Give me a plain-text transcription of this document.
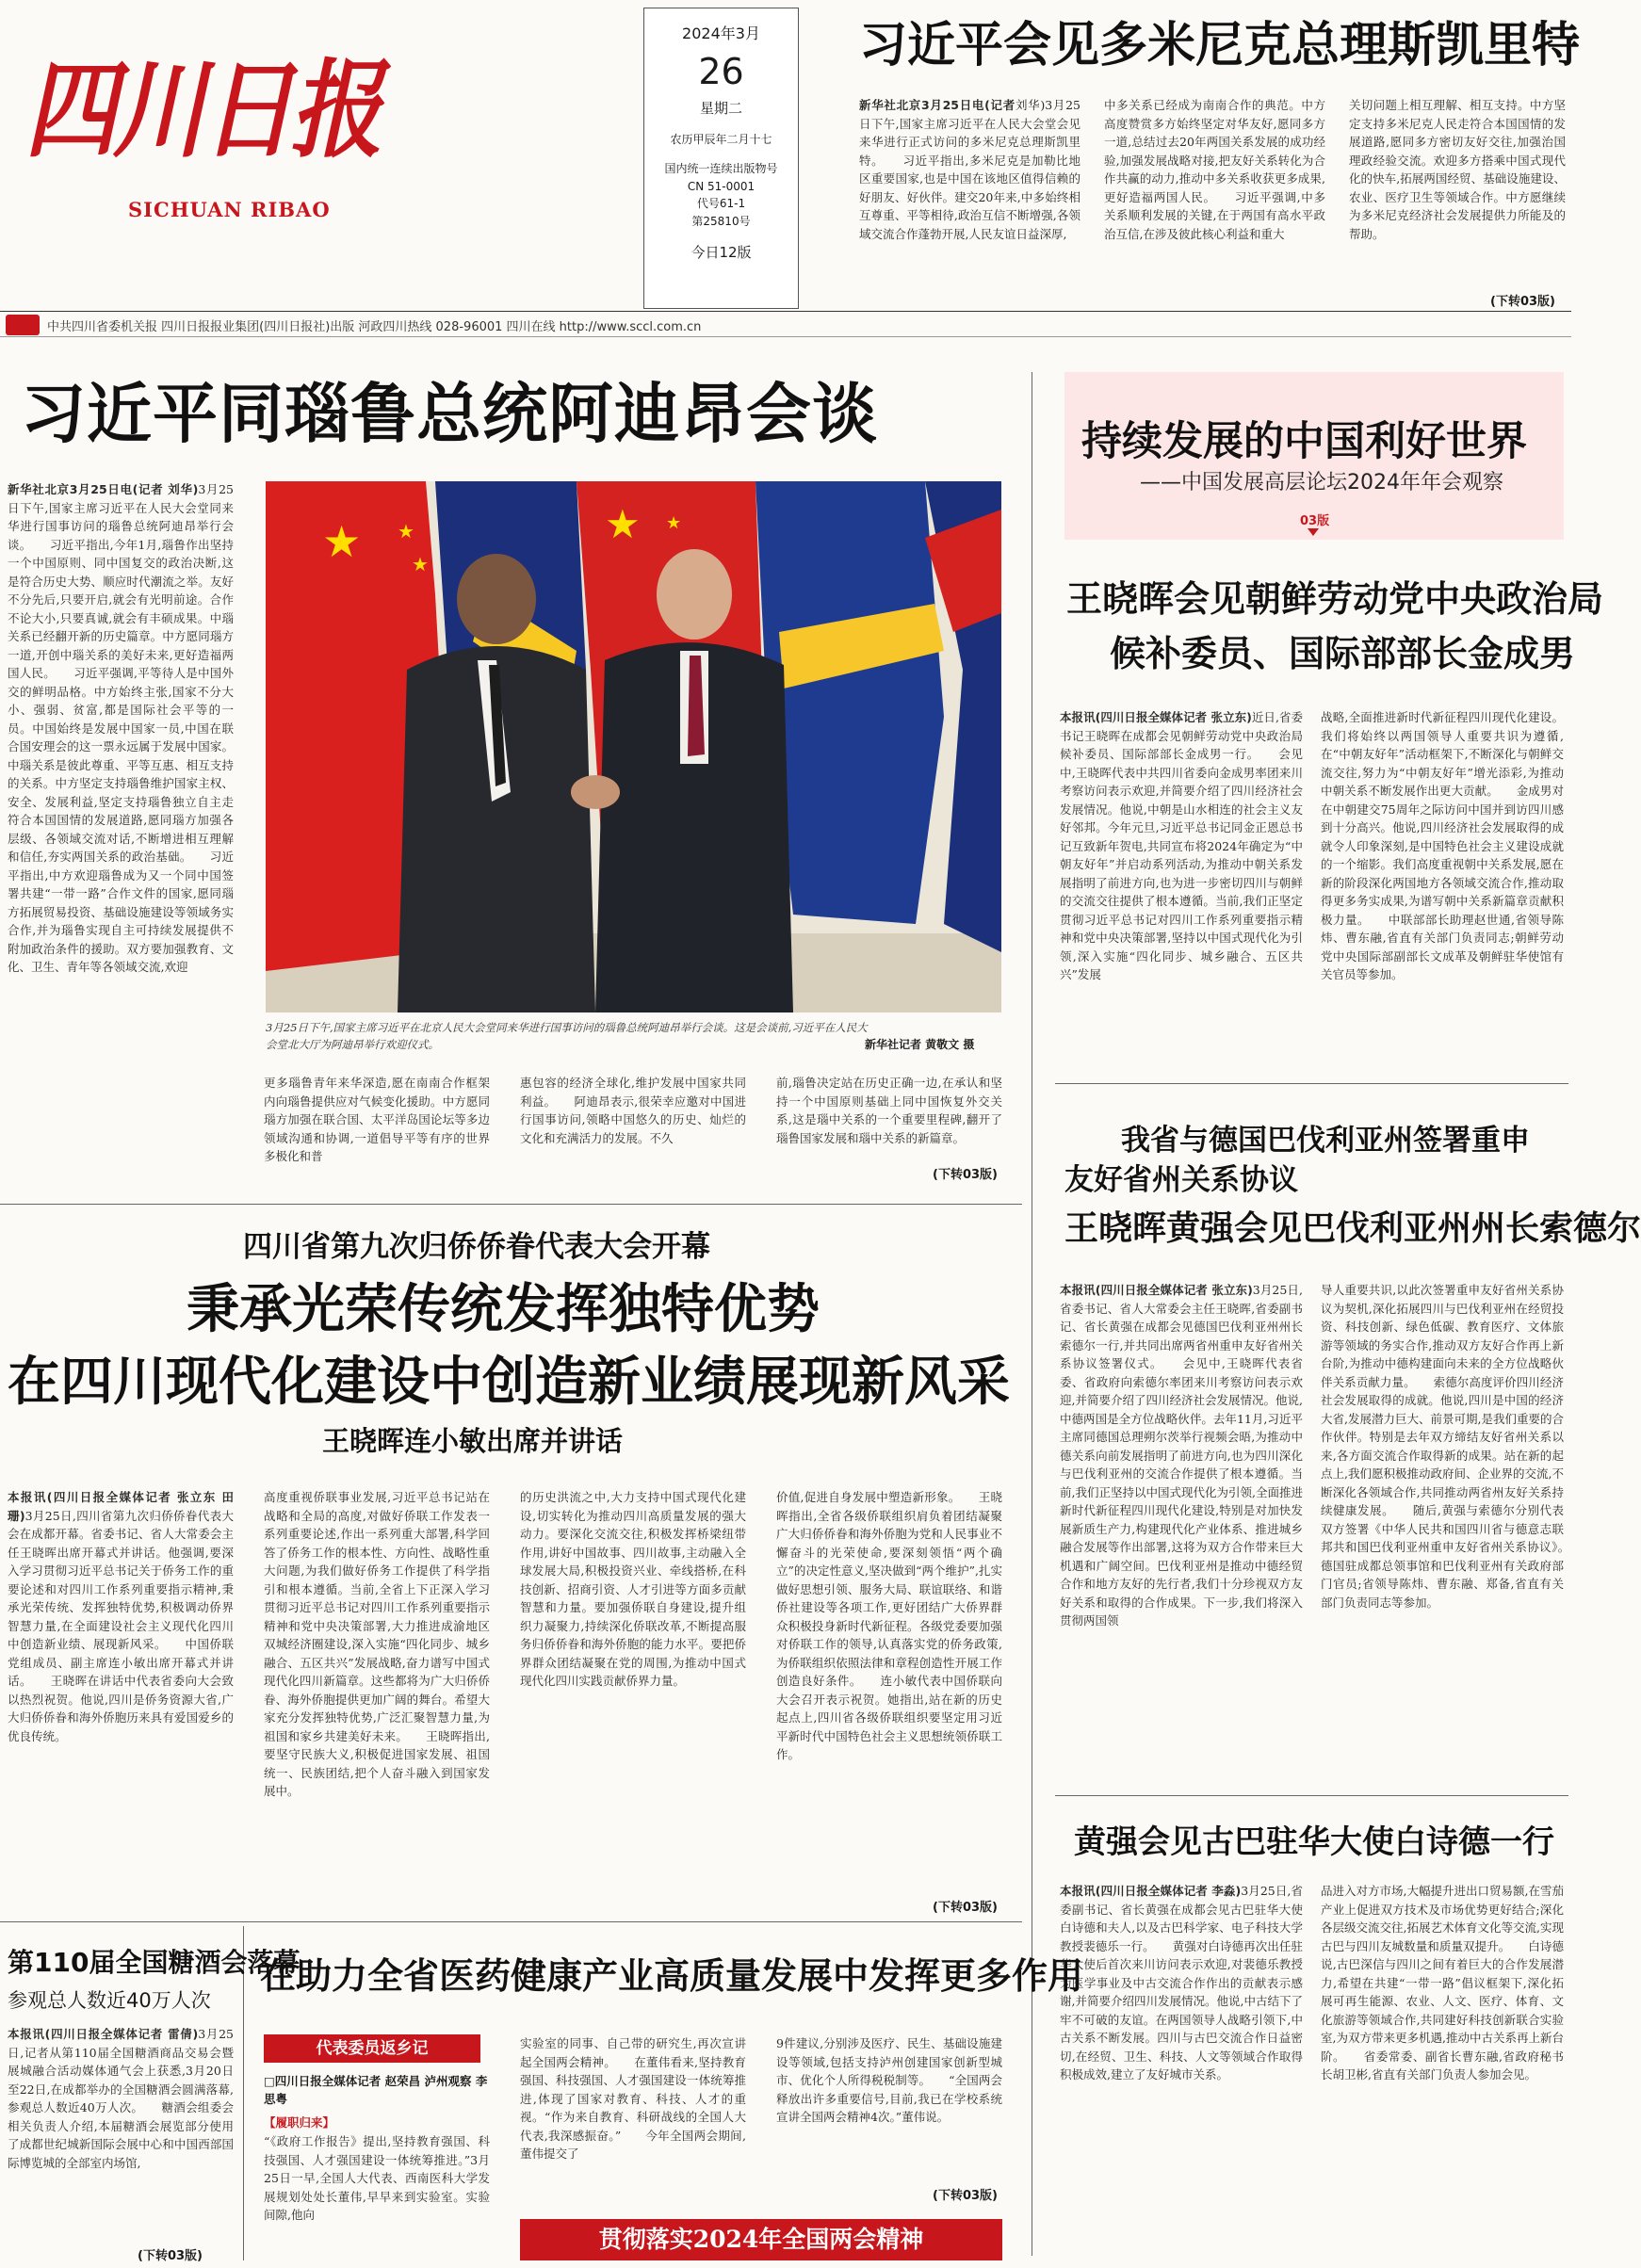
四川日报
SICHUAN RIBAO
2024年3月
26
星期二
农历甲辰年二月十七
国内统一连续出版物号
CN 51-0001
代号61-1
第25810号
今日12版
习近平会见多米尼克总理斯凯里特
新华社北京3月25日电(记者刘华)3月25日下午,国家主席习近平在人民大会堂会见来华进行正式访问的多米尼克总理斯凯里特。　　习近平指出,多米尼克是加勒比地区重要国家,也是中国在该地区值得信赖的好朋友、好伙伴。建交20年来,中多始终相互尊重、平等相待,政治互信不断增强,各领域交流合作蓬勃开展,人民友谊日益深厚,
中多关系已经成为南南合作的典范。中方高度赞赏多方始终坚定对华友好,愿同多方一道,总结过去20年两国关系发展的成功经验,加强发展战略对接,把友好关系转化为合作共赢的动力,推动中多关系收获更多成果,更好造福两国人民。　　习近平强调,中多关系顺利发展的关键,在于两国有高水平政治互信,在涉及彼此核心利益和重大
关切问题上相互理解、相互支持。中方坚定支持多米尼克人民走符合本国国情的发展道路,愿同多方密切友好交往,加强治国理政经验交流。欢迎多方搭乘中国式现代化的快车,拓展两国经贸、基础设施建设、农业、医疗卫生等领域合作。中方愿继续为多米尼克经济社会发展提供力所能及的帮助。
(下转03版)
中共四川省委机关报 四川日报报业集团(四川日报社)出版 河政四川热线 028-96001 四川在线 http://www.sccl.com.cn
习近平同瑙鲁总统阿迪昂会谈
新华社北京3月25日电(记者 刘华)3月25日下午,国家主席习近平在人民大会堂同来华进行国事访问的瑙鲁总统阿迪昂举行会谈。　　习近平指出,今年1月,瑙鲁作出坚持一个中国原则、同中国复交的政治决断,这是符合历史大势、顺应时代潮流之举。友好不分先后,只要开启,就会有光明前途。合作不论大小,只要真诚,就会有丰硕成果。中瑙关系已经翻开新的历史篇章。中方愿同瑙方一道,开创中瑙关系的美好未来,更好造福两国人民。　　习近平强调,平等待人是中国外交的鲜明品格。中方始终主张,国家不分大小、强弱、贫富,都是国际社会平等的一员。中国始终是发展中国家一员,中国在联合国安理会的这一票永远属于发展中国家。中瑙关系是彼此尊重、平等互惠、相互支持的关系。中方坚定支持瑙鲁维护国家主权、安全、发展利益,坚定支持瑙鲁独立自主走符合本国国情的发展道路,愿同瑙方加强各层级、各领域交流对话,不断增进相互理解和信任,夯实两国关系的政治基础。　　习近平指出,中方欢迎瑙鲁成为又一个同中国签署共建“一带一路”合作文件的国家,愿同瑙方拓展贸易投资、基础设施建设等领域务实合作,并为瑙鲁实现自主可持续发展提供不附加政治条件的援助。双方要加强教育、文化、卫生、青年等各领域交流,欢迎
★ ★
★
★ ★
3月25日下午,国家主席习近平在北京人民大会堂同来华进行国事访问的瑙鲁总统阿迪昂举行会谈。这是会谈前,习近平在人民大会堂北大厅为阿迪昂举行欢迎仪式。	新华社记者 黄敬文 摄
更多瑙鲁青年来华深造,愿在南南合作框架内向瑙鲁提供应对气候变化援助。中方愿同瑙方加强在联合国、太平洋岛国论坛等多边领域沟通和协调,一道倡导平等有序的世界多极化和普
惠包容的经济全球化,维护发展中国家共同利益。　　阿迪昂表示,很荣幸应邀对中国进行国事访问,领略中国悠久的历史、灿烂的文化和充满活力的发展。不久
前,瑙鲁决定站在历史正确一边,在承认和坚持一个中国原则基础上同中国恢复外交关系,这是瑙中关系的一个重要里程碑,翻开了瑙鲁国家发展和瑙中关系的新篇章。
(下转03版)
持续发展的中国利好世界
——中国发展高层论坛2024年年会观察
03版
王晓晖会见朝鲜劳动党中央政治局
候补委员、国际部部长金成男
本报讯(四川日报全媒体记者 张立东)近日,省委书记王晓晖在成都会见朝鲜劳动党中央政治局候补委员、国际部部长金成男一行。　　会见中,王晓晖代表中共四川省委向金成男率团来川考察访问表示欢迎,并简要介绍了四川经济社会发展情况。他说,中朝是山水相连的社会主义友好邻邦。今年元旦,习近平总书记同金正恩总书记互致新年贺电,共同宣布将2024年确定为“中朝友好年”并启动系列活动,为推动中朝关系发展指明了前进方向,也为进一步密切四川与朝鲜的交流交往提供了根本遵循。当前,我们正坚定贯彻习近平总书记对四川工作系列重要指示精神和党中央决策部署,坚持以中国式现代化为引领,深入实施“四化同步、城乡融合、五区共兴”发展
战略,全面推进新时代新征程四川现代化建设。我们将始终以两国领导人重要共识为遵循,在“中朝友好年”活动框架下,不断深化与朝鲜交流交往,努力为“中朝友好年”增光添彩,为推动中朝关系不断发展作出更大贡献。　　金成男对在中朝建交75周年之际访问中国并到访四川感到十分高兴。他说,四川经济社会发展取得的成就令人印象深刻,是中国特色社会主义建设成就的一个缩影。我们高度重视朝中关系发展,愿在新的阶段深化两国地方各领域交流合作,推动取得更多务实成果,为谱写朝中关系新篇章贡献积极力量。　　中联部部长助理赵世通,省领导陈炜、曹东融,省直有关部门负责同志;朝鲜劳动党中央国际部副部长文成革及朝鲜驻华使馆有关官员等参加。
我省与德国巴伐利亚州签署重申
友好省州关系协议
王晓晖黄强会见巴伐利亚州州长索德尔
本报讯(四川日报全媒体记者 张立东)3月25日,省委书记、省人大常委会主任王晓晖,省委副书记、省长黄强在成都会见德国巴伐利亚州州长索德尔一行,并共同出席两省州重申友好省州关系协议签署仪式。　　会见中,王晓晖代表省委、省政府向索德尔率团来川考察访问表示欢迎,并简要介绍了四川经济社会发展情况。他说,中德两国是全方位战略伙伴。去年11月,习近平主席同德国总理朔尔茨举行视频会晤,为推动中德关系向前发展指明了前进方向,也为四川深化与巴伐利亚州的交流合作提供了根本遵循。当前,我们正坚持以中国式现代化为引领,全面推进新时代新征程四川现代化建设,特别是对加快发展新质生产力,构建现代化产业体系、推进城乡融合发展等作出部署,这将为双方合作带来巨大机遇和广阔空间。巴伐利亚州是推动中德经贸合作和地方友好的先行者,我们十分珍视双方友好关系和取得的合作成果。下一步,我们将深入贯彻两国领
导人重要共识,以此次签署重申友好省州关系协议为契机,深化拓展四川与巴伐利亚州在经贸投资、科技创新、绿色低碳、教育医疗、文体旅游等领域的务实合作,推动双方友好合作再上新台阶,为推动中德构建面向未来的全方位战略伙伴关系贡献力量。　　索德尔高度评价四川经济社会发展取得的成就。他说,四川是中国的经济大省,发展潜力巨大、前景可期,是我们重要的合作伙伴。特别是去年双方缔结友好省州关系以来,各方面交流合作取得新的成果。站在新的起点上,我们愿积极推动政府间、企业界的交流,不断深化各领域合作,共同推动两省州友好关系持续健康发展。　　随后,黄强与索德尔分别代表双方签署《中华人民共和国四川省与德意志联邦共和国巴伐利亚州重申友好省州关系协议》。　　德国驻成都总领事馆和巴伐利亚州有关政府部门官员;省领导陈炜、曹东融、郑备,省直有关部门负责同志等参加。
黄强会见古巴驻华大使白诗德一行
本报讯(四川日报全媒体记者 李淼)3月25日,省委副书记、省长黄强在成都会见古巴驻华大使白诗德和夫人,以及古巴科学家、电子科技大学教授裴德乐一行。　　黄强对白诗德再次出任驻华大使后首次来川访问表示欢迎,对裴德乐教授为医学事业及中古交流合作作出的贡献表示感谢,并简要介绍四川发展情况。他说,中古结下了牢不可破的友谊。在两国领导人战略引领下,中古关系不断发展。四川与古巴交流合作日益密切,在经贸、卫生、科技、人文等领域合作取得积极成效,建立了友好城市关系。
品进入对方市场,大幅提升进出口贸易额,在雪茄产业上促进双方技术及市场优势更好结合;深化各层级交流交往,拓展艺术体育文化等交流,实现古巴与四川友城数量和质量双提升。　　白诗德说,古巴深信与四川之间有着巨大的合作发展潜力,希望在共建“一带一路”倡议框架下,深化拓展可再生能源、农业、人文、医疗、体育、文化旅游等领域合作,共同建好科技创新联合实验室,为双方带来更多机遇,推动中古关系再上新台阶。　　省委常委、副省长曹东融,省政府秘书长胡卫彬,省直有关部门负责人参加会见。
四川省第九次归侨侨眷代表大会开幕
秉承光荣传统发挥独特优势
在四川现代化建设中创造新业绩展现新风采
王晓晖连小敏出席并讲话
本报讯(四川日报全媒体记者 张立东 田珊)3月25日,四川省第九次归侨侨眷代表大会在成都开幕。省委书记、省人大常委会主任王晓晖出席开幕式并讲话。他强调,要深入学习贯彻习近平总书记关于侨务工作的重要论述和对四川工作系列重要指示精神,秉承光荣传统、发挥独特优势,积极调动侨界智慧力量,在全面建设社会主义现代化四川中创造新业绩、展现新风采。　　中国侨联党组成员、副主席连小敏出席开幕式并讲话。　　王晓晖在讲话中代表省委向大会致以热烈祝贺。他说,四川是侨务资源大省,广大归侨侨眷和海外侨胞历来具有爱国爱乡的优良传统。
高度重视侨联事业发展,习近平总书记站在战略和全局的高度,对做好侨联工作发表一系列重要论述,作出一系列重大部署,科学回答了侨务工作的根本性、方向性、战略性重大问题,为我们做好侨务工作提供了科学指引和根本遵循。当前,全省上下正深入学习贯彻习近平总书记对四川工作系列重要指示精神和党中央决策部署,大力推进成渝地区双城经济圈建设,深入实施“四化同步、城乡融合、五区共兴”发展战略,奋力谱写中国式现代化四川新篇章。这些都将为广大归侨侨眷、海外侨胞提供更加广阔的舞台。希望大家充分发挥独特优势,广泛汇聚智慧力量,为祖国和家乡共建美好未来。　　王晓晖指出,要坚守民族大义,积极促进国家发展、祖国统一、民族团结,把个人奋斗融入到国家发展中。
的历史洪流之中,大力支持中国式现代化建设,切实转化为推动四川高质量发展的强大动力。要深化交流交往,积极发挥桥梁纽带作用,讲好中国故事、四川故事,主动融入全球发展大局,积极投资兴业、牵线搭桥,在科技创新、招商引资、人才引进等方面多贡献智慧和力量。要加强侨联自身建设,提升组织力凝聚力,持续深化侨联改革,不断提高服务归侨侨眷和海外侨胞的能力水平。要把侨界群众团结凝聚在党的周围,为推动中国式现代化四川实践贡献侨界力量。
价值,促进自身发展中塑造新形象。　　王晓晖指出,全省各级侨联组织肩负着团结凝聚广大归侨侨眷和海外侨胞为党和人民事业不懈奋斗的光荣使命,要深刻领悟“两个确立”的决定性意义,坚决做到“两个维护”,扎实做好思想引领、服务大局、联谊联络、和谐侨社建设等各项工作,更好团结广大侨界群众积极投身新时代新征程。各级党委要加强对侨联工作的领导,认真落实党的侨务政策,为侨联组织依照法律和章程创造性开展工作创造良好条件。　　连小敏代表中国侨联向大会召开表示祝贺。她指出,站在新的历史起点上,四川省各级侨联组织要坚定用习近平新时代中国特色社会主义思想统领侨联工作。
(下转03版)
第110届全国糖酒会落幕
参观总人数近40万人次
本报讯(四川日报全媒体记者 雷倩)3月25日,记者从第110届全国糖酒商品交易会暨展城融合活动媒体通气会上获悉,3月20日至22日,在成都举办的全国糖酒会圆满落幕,参观总人数近40万人次。　　糖酒会组委会相关负责人介绍,本届糖酒会展览部分使用了成都世纪城新国际会展中心和中国西部国际博览城的全部室内场馆,
(下转03版)
在助力全省医药健康产业高质量发展中发挥更多作用
代表委员返乡记
□四川日报全媒体记者 赵荣昌 泸州观察 李思粤
【履职归来】
“《政府工作报告》提出,坚持教育强国、科技强国、人才强国建设一体统筹推进。”3月25日一早,全国人大代表、西南医科大学发展规划处处长董伟,早早来到实验室。实验间隙,他向
实验室的同事、自己带的研究生,再次宣讲起全国两会精神。　　在董伟看来,坚持教育强国、科技强国、人才强国建设一体统筹推进,体现了国家对教育、科技、人才的重视。“作为来自教育、科研战线的全国人大代表,我深感振奋。”　　今年全国两会期间,董伟提交了
9件建议,分别涉及医疗、民生、基础设施建设等领域,包括支持泸州创建国家创新型城市、优化个人所得税税制等。　　“全国两会释放出许多重要信号,目前,我已在学校系统宣讲全国两会精神4次。”董伟说。
(下转03版)
贯彻落实2024年全国两会精神
